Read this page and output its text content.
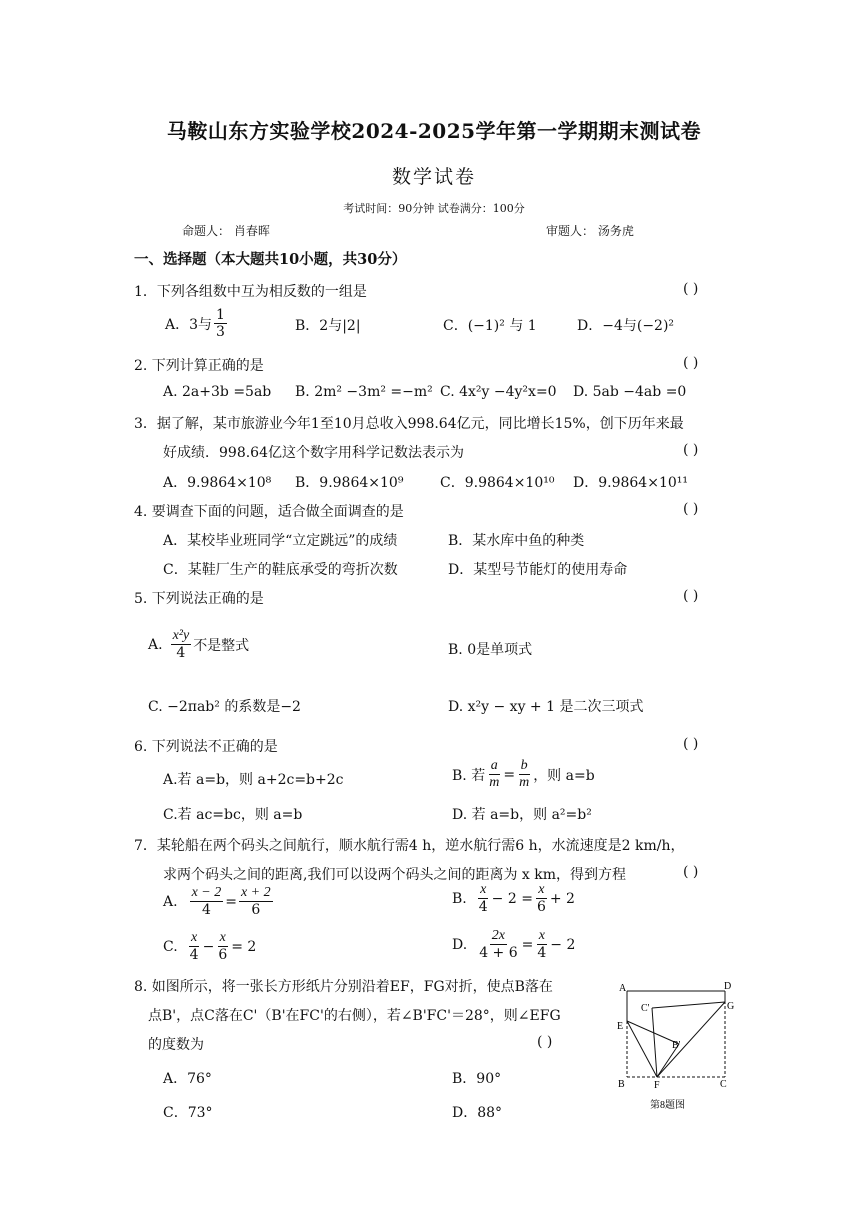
马鞍山东方实验学校2024-2025学年第一学期期末测试卷
数学试卷
考试时间：90分钟 试卷满分：100分
命题人： 肖春晖	审题人： 汤务虎
一、选择题（本大题共10小题，共30分）
1．下列各组数中互为相反数的一组是	( )
A．3与 $\frac{1}{3}$	B．2与|2|	C．(−1)² 与 1	D．−4与(−2)²
2. 下列计算正确的是	( )
A. 2a+3b =5ab B. 2m² −3m² =−m² C. 4x²y −4y²x=0 D. 5ab −4ab =0
3．据了解，某市旅游业今年1至10月总收入998.64亿元，同比增长15%，创下历年来最
好成绩．998.64亿这个数字用科学记数法表示为	( )
A．9.9864×10⁸ B．9.9864×10⁹	C．9.9864×10¹⁰ D．9.9864×10¹¹
4. 要调查下面的问题，适合做全面调查的是	( )
A．某校毕业班同学“立定跳远”的成绩	B．某水库中鱼的种类
C．某鞋厂生产的鞋底承受的弯折次数	D．某型号节能灯的使用寿命
5. 下列说法正确的是	( )
A. $\frac{\text{x²y}}{4}$ 不是整式	B. 0是单项式
C. −2πab² 的系数是−2	D. x²y − xy + 1 是二次三项式
6. 下列说法不正确的是	( )
A.若 a=b，则 a+2c=b+2c	B. 若 $\frac{a}{m} = \frac{b}{m}$ ，则 a=b
C.若 ac=bc，则 a=b	D. 若 a=b，则 a²=b²
7．某轮船在两个码头之间航行，顺水航行需4 h，逆水航行需6 h，水流速度是2 km/h，
求两个码头之间的距离,我们可以设两个码头之间的距离为 x km，得到方程	( )
A. $\frac{x - 2}{4} = \frac{x + 2}{6}$	B. $\frac{x}{4} - 2 = \frac{x}{6} + 2$
C. $\frac{x}{4} - \frac{x}{6} = 2$	D. $\frac{2x}{4 + 6} = \frac{x}{4} - 2$
8. 如图所示，将一张长方形纸片分别沿着EF，FG对折，使点B落在
点B'，点C落在C'（B'在FC'的右侧），若∠B'FC'＝28°，则∠EFG
的度数为	( )
A．76°	B．90°
C．73°	D．88°
A	D
C'	G
E
B'
B	F	C
第8题图
